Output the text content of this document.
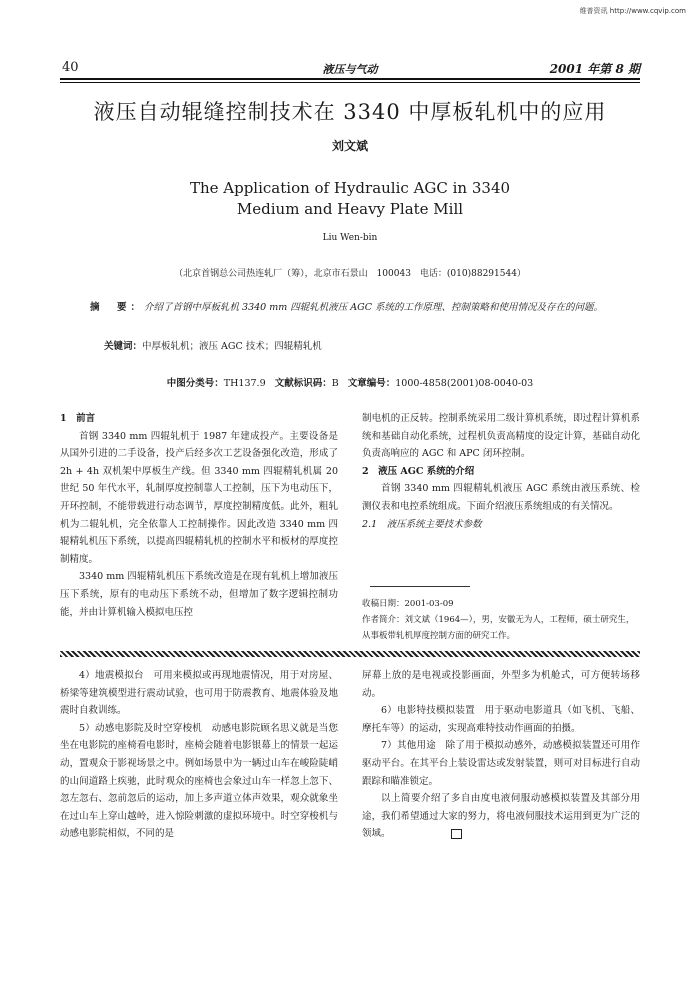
维普资讯 http://www.cqvip.com
40	液压与气动	2001 年第 8 期
液压自动辊缝控制技术在 3340 中厚板轧机中的应用
刘文斌
The Application of Hydraulic AGC in 3340
Medium and Heavy Plate Mill
Liu Wen-bin
（北京首钢总公司热连轧厂（筹），北京市石景山　100043　电话：(010)88291544）
摘　要：介绍了首钢中厚板轧机 3340 mm 四辊轧机液压 AGC 系统的工作原理、控制策略和使用情况及存在的问题。
关键词：中厚板轧机；液压 AGC 技术；四辊精轧机
中图分类号：TH137.9 文献标识码：B 文章编号：1000-4858(2001)08-0040-03

1　前言

首钢 3340 mm 四辊轧机于 1987 年建成投产。主要设备是从国外引进的二手设备，投产后经多次工艺设备强化改造，形成了 2h + 4h 双机架中厚板生产线。但 3340 mm 四辊精轧机属 20 世纪 50 年代水平，轧制厚度控制靠人工控制，压下为电动压下，开环控制，不能带载进行动态调节，厚度控制精度低。此外，粗轧机为二辊轧机，完全依靠人工控制操作。因此改造 3340 mm 四辊精轧机压下系统，以提高四辊精轧机的控制水平和板材的厚度控制精度。

3340 mm 四辊精轧机压下系统改造是在现有轧机上增加液压压下系统，原有的电动压下系统不动，但增加了数字逻辑控制功能，并由计算机输入模拟电压控

制电机的正反转。控制系统采用二级计算机系统，即过程计算机系统和基础自动化系统，过程机负责高精度的设定计算，基础自动化负责高响应的 AGC 和 APC 闭环控制。

2　液压 AGC 系统的介绍

首钢 3340 mm 四辊精轧机液压 AGC 系统由液压系统、检测仪表和电控系统组成。下面介绍液压系统组成的有关情况。

2.1　液压系统主要技术参数

收稿日期：2001-03-09

作者简介：刘文斌（1964—），男，安徽无为人，工程师，硕士研究生，从事板带轧机厚度控制方面的研究工作。

4）地震模拟台　可用来模拟或再现地震情况，用于对房屋、桥梁等建筑模型进行震动试验，也可用于防震教育、地震体验及地震时自救训练。

5）动感电影院及时空穿梭机　动感电影院顾名思义就是当您坐在电影院的座椅看电影时，座椅会随着电影银幕上的情景一起运动，置观众于影视场景之中。例如场景中为一辆过山车在峻险陡峭的山间道路上疾驰，此时观众的座椅也会象过山车一样忽上忽下、忽左忽右、忽前忽后的运动，加上多声道立体声效果，观众就象坐在过山车上穿山越岭，进入惊险刺激的虚拟环境中。时空穿梭机与动感电影院相似，不同的是

屏幕上放的是电视或投影画面，外型多为机舱式，可方便转场移动。

6）电影特技模拟装置　用于驱动电影道具（如飞机、飞船、摩托车等）的运动，实现高难特技动作画面的拍摄。

7）其他用途　除了用于模拟动感外，动感模拟装置还可用作驱动平台。在其平台上装设雷达或发射装置，则可对目标进行自动跟踪和瞄准锁定。

以上简要介绍了多自由度电液伺服动感模拟装置及其部分用途，我们希望通过大家的努力，将电液伺服技术运用到更为广泛的领域。
